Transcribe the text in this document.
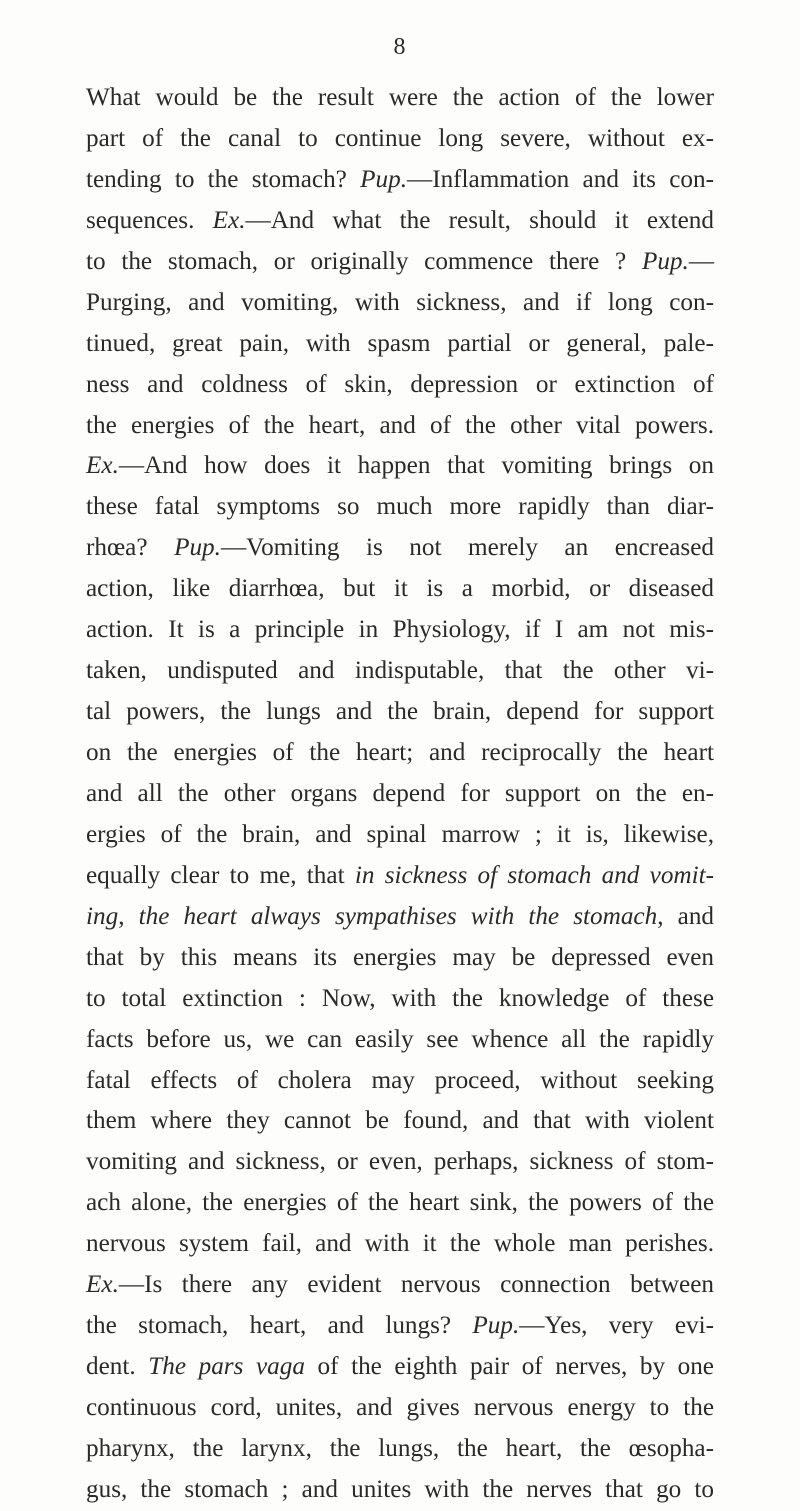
8
What would be the result were the action of the lower
part of the canal to continue long severe, without ex-
tending to the stomach? Pup.—Inflammation and its con-
sequences. Ex.—And what the result, should it extend
to the stomach, or originally commence there ? Pup.—
Purging, and vomiting, with sickness, and if long con-
tinued, great pain, with spasm partial or general, pale-
ness and coldness of skin, depression or extinction of
the energies of the heart, and of the other vital powers.
Ex.—And how does it happen that vomiting brings on
these fatal symptoms so much more rapidly than diar-
rhœa? Pup.—Vomiting is not merely an encreased
action, like diarrhœa, but it is a morbid, or diseased
action. It is a principle in Physiology, if I am not mis-
taken, undisputed and indisputable, that the other vi-
tal powers, the lungs and the brain, depend for support
on the energies of the heart; and reciprocally the heart
and all the other organs depend for support on the en-
ergies of the brain, and spinal marrow ; it is, likewise,
equally clear to me, that in sickness of stomach and vomit-
ing, the heart always sympathises with the stomach, and
that by this means its energies may be depressed even
to total extinction : Now, with the knowledge of these
facts before us, we can easily see whence all the rapidly
fatal effects of cholera may proceed, without seeking
them where they cannot be found, and that with violent
vomiting and sickness, or even, perhaps, sickness of stom-
ach alone, the energies of the heart sink, the powers of the
nervous system fail, and with it the whole man perishes.
Ex.—Is there any evident nervous connection between
the stomach, heart, and lungs? Pup.—Yes, very evi-
dent. The pars vaga of the eighth pair of nerves, by one
continuous cord, unites, and gives nervous energy to the
pharynx, the larynx, the lungs, the heart, the œsopha-
gus, the stomach ; and unites with the nerves that go to
